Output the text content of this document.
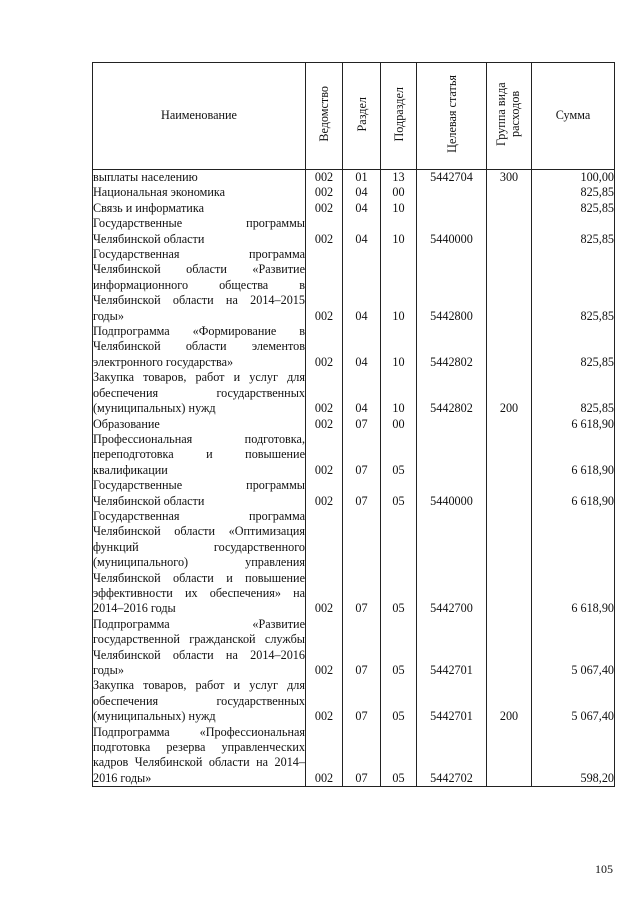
Наименование	Ведомство	Раздел	Подраздел	Целевая статья	Группа вида расходов	Сумма
выплаты населению	002	01	13	5442704	300	100,00
Национальная экономика	002	04	00			825,85
Связь и информатика	002	04	10			825,85
Государственные программы Челябинской области	002	04	10	5440000		825,85
Государственная программа Челябинской области «Развитие информационного общества в Челябинской области на 2014–2015 годы»	002	04	10	5442800		825,85
Подпрограмма «Формирование в Челябинской области элементов электронного государства»	002	04	10	5442802		825,85
Закупка товаров, работ и услуг для обеспечения государственных (муниципальных) нужд	002	04	10	5442802	200	825,85
Образование	002	07	00			6 618,90
Профессиональная подготовка, переподготовка и повышение квалификации	002	07	05			6 618,90
Государственные программы Челябинской области	002	07	05	5440000		6 618,90
Государственная программа Челябинской области «Оптимизация функций государственного (муниципального) управления Челябинской области и повышение эффективности их обеспечения» на 2014–2016 годы	002	07	05	5442700		6 618,90
Подпрограмма «Развитие государственной гражданской службы Челябинской области на 2014–2016 годы»	002	07	05	5442701		5 067,40
Закупка товаров, работ и услуг для обеспечения государственных (муниципальных) нужд	002	07	05	5442701	200	5 067,40
Подпрограмма «Профессиональная подготовка резерва управленческих кадров Челябинской области на 2014–2016 годы»	002	07	05	5442702		598,20
105
